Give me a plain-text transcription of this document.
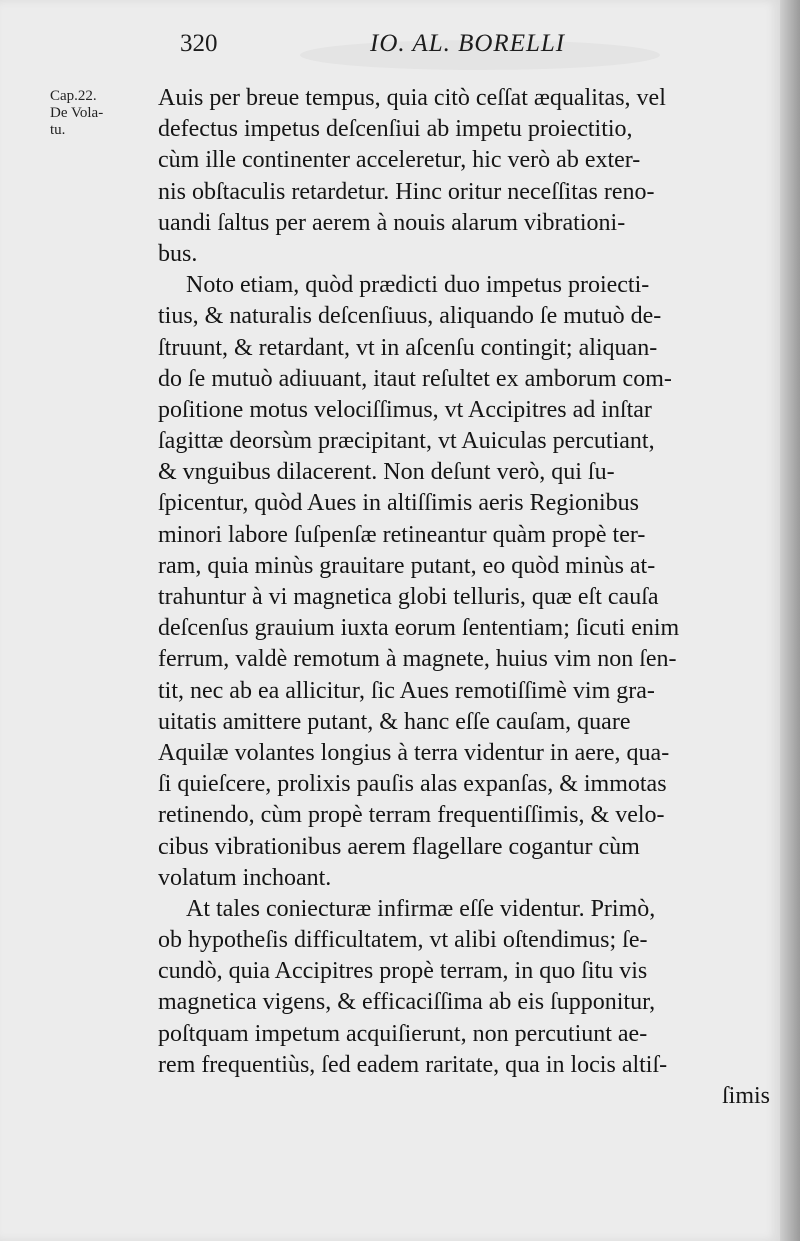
320	IO. AL. BORELLI
Cap.22.
De Vola-
tu.
Auis per breue tempus, quia citò ceſſat æqualitas, vel
defectus impetus deſcenſiui ab impetu proiectitio,
cùm ille continenter acceleretur, hic verò ab exter-
nis obſtaculis retardetur. Hinc oritur neceſſitas reno-
uandi ſaltus per aerem à nouis alarum vibrationi-
bus.
Noto etiam, quòd prædicti duo impetus proiecti-
tius, & naturalis deſcenſiuus, aliquando ſe mutuò de-
ſtruunt, & retardant, vt in aſcenſu contingit; aliquan-
do ſe mutuò adiuuant, itaut reſultet ex amborum com-
poſitione motus velociſſimus, vt Accipitres ad inſtar
ſagittæ deorsùm præcipitant, vt Auiculas percutiant,
& vnguibus dilacerent. Non deſunt verò, qui ſu-
ſpicentur, quòd Aues in altiſſimis aeris Regionibus
minori labore ſuſpenſæ retineantur quàm propè ter-
ram, quia minùs grauitare putant, eo quòd minùs at-
trahuntur à vi magnetica globi telluris, quæ eſt cauſa
deſcenſus grauium iuxta eorum ſententiam; ſicuti enim
ferrum, valdè remotum à magnete, huius vim non ſen-
tit, nec ab ea allicitur, ſic Aues remotiſſimè vim gra-
uitatis amittere putant, & hanc eſſe cauſam, quare
Aquilæ volantes longius à terra videntur in aere, qua-
ſi quieſcere, prolixis pauſis alas expanſas, & immotas
retinendo, cùm propè terram frequentiſſimis, & velo-
cibus vibrationibus aerem flagellare cogantur cùm
volatum inchoant.
At tales coniecturæ infirmæ eſſe videntur. Primò,
ob hypotheſis difficultatem, vt alibi oſtendimus; ſe-
cundò, quia Accipitres propè terram, in quo ſitu vis
magnetica vigens, & efficaciſſima ab eis ſupponitur,
poſtquam impetum acquiſierunt, non percutiunt ae-
rem frequentiùs, ſed eadem raritate, qua in locis altiſ-
ſimis
